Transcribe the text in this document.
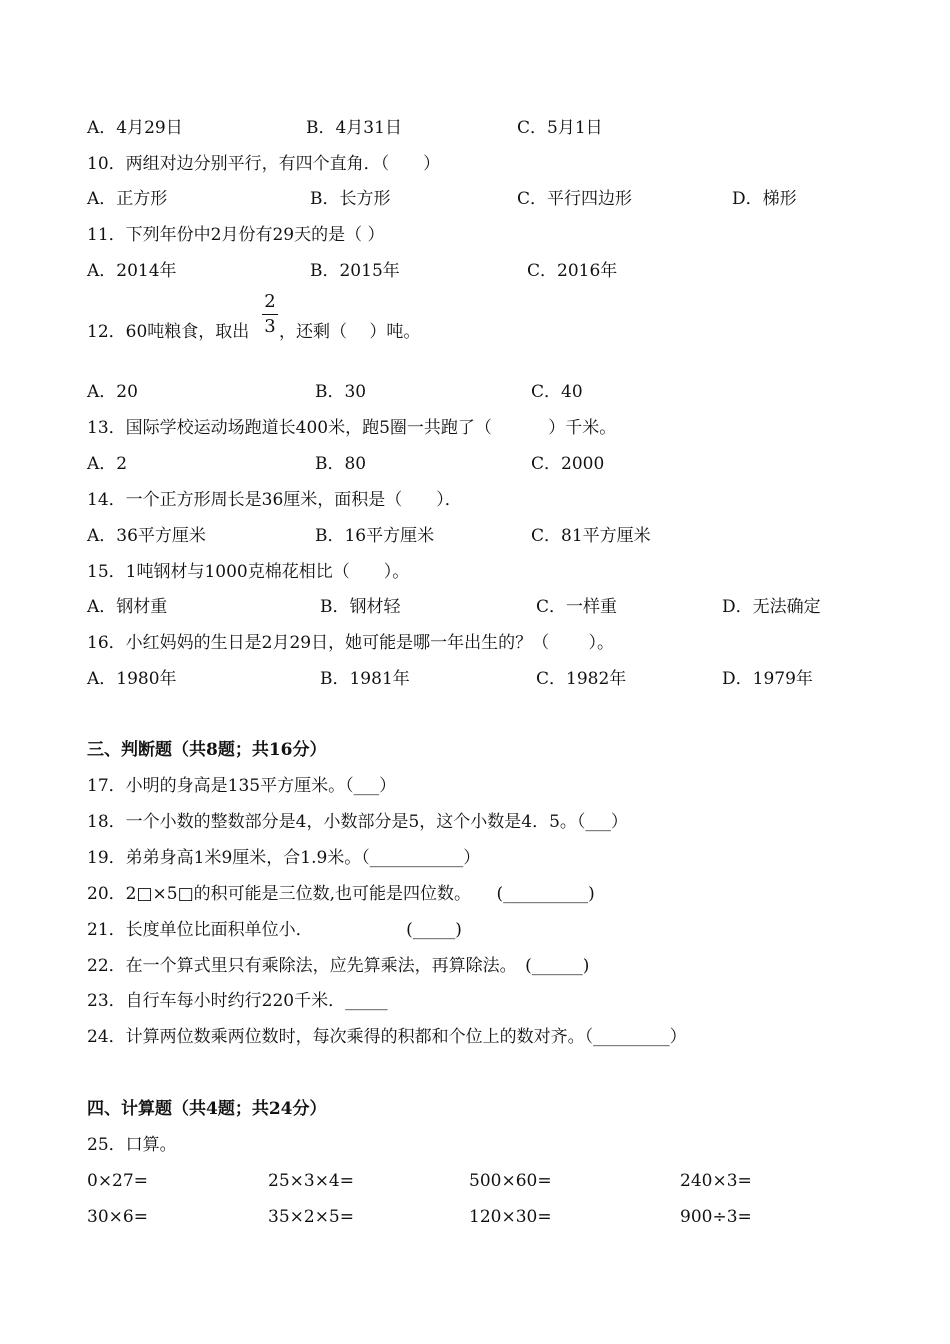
A．4月29日	B．4月31日	C．5月1日
10．两组对边分别平行，有四个直角．（　　）
A．正方形	B．长方形	C．平行四边形	D．梯形
11．下列年份中2月份有29天的是（ ）
A．2014年	B．2015年	C．2016年
12．60吨粮食，取出
2
3 ，还剩（　 ）吨。
A．20	B．30	C．40
13．国际学校运动场跑道长400米，跑5圈一共跑了（　　　 ）千米。
A．2	B．80	C．2000
14．一个正方形周长是36厘米，面积是（　　）．
A．36平方厘米	B．16平方厘米	C．81平方厘米
15．1吨钢材与1000克棉花相比（　　）。
A．钢材重	B．钢材轻	C．一样重	D．无法确定
16．小红妈妈的生日是2月29日，她可能是哪一年出生的？（　　 ）。
A．1980年	B．1981年	C．1982年	D．1979年
三、判断题（共8题；共16分）
17．小明的身高是135平方厘米。（___）
18．一个小数的整数部分是4，小数部分是5，这个小数是4．5。（___）
19．弟弟身高1米9厘米，合1.9米。（___________）
20．2□×5□的积可能是三位数,也可能是四位数。　　(__________)
21．长度单位比面积单位小．　　　　　　(_____)
22．在一个算式里只有乘除法，应先算乘法，再算除法。　(______)
23．自行车每小时约行220千米．_____
24．计算两位数乘两位数时，每次乘得的积都和个位上的数对齐。（_________）
四、计算题（共4题；共24分）
25．口算。
0×27=	25×3×4=	500×60=	240×3=
30×6=	35×2×5=	120×30=	900÷3=
